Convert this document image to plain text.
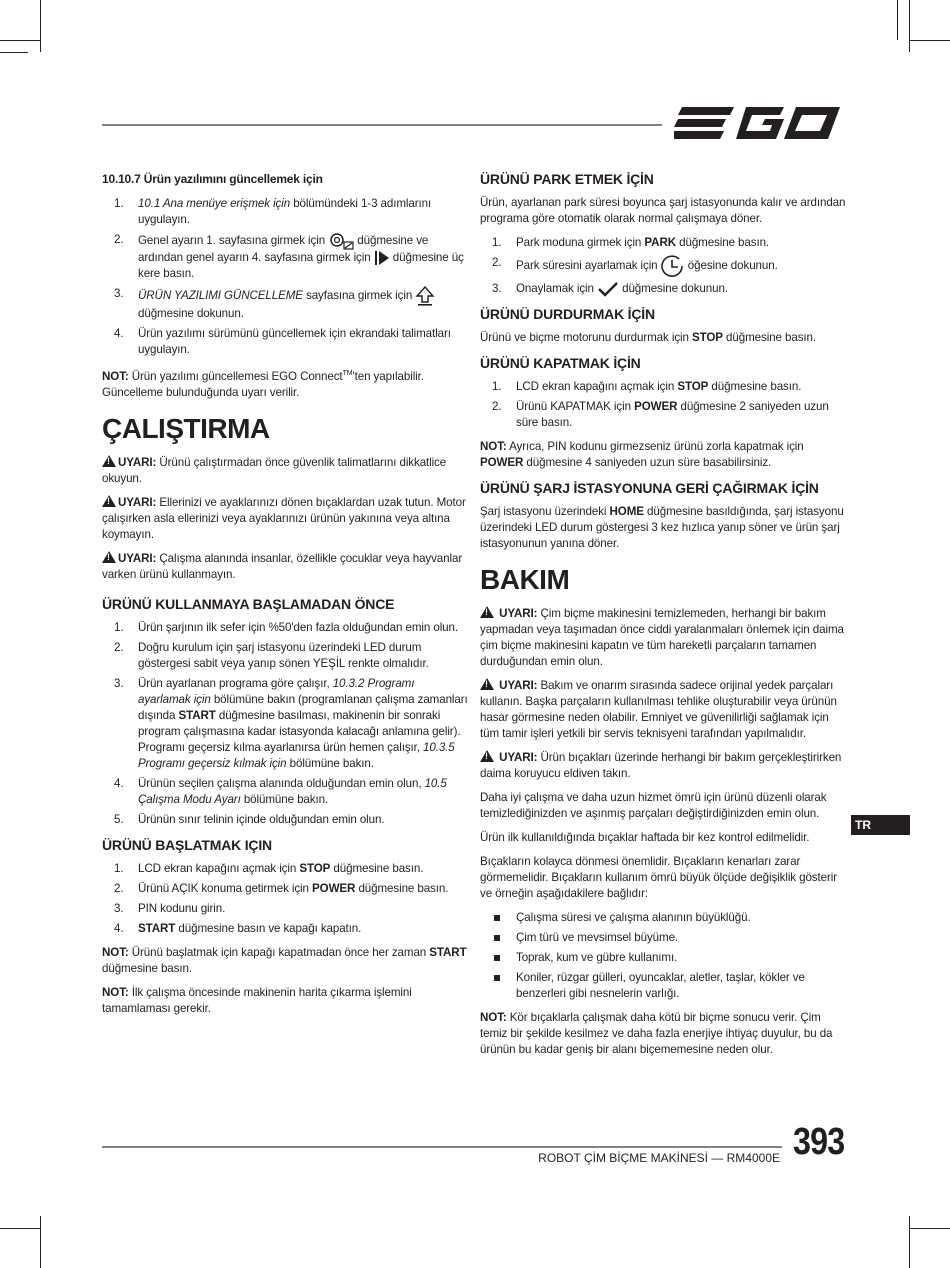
10.10.7 Ürün yazılımını güncellemek için
1. 10.1 Ana menüye erişmek için bölümündeki 1-3 adımlarını uygulayın.
2. Genel ayarın 1. sayfasına girmek için  düğmesine ve ardından genel ayarın 4. sayfasına girmek için  düğmesine üç kere basın.
3. ÜRÜN YAZILIMI GÜNCELLEME sayfasına girmek için  düğmesine dokunun.
4. Ürün yazılımı sürümünü güncellemek için ekrandaki talimatları uygulayın.

NOT: Ürün yazılımı güncellemesi EGO Connect™'ten yapılabilir. Güncelleme bulunduğunda uyarı verilir.

ÇALIŞTIRMA

!UYARI: Ürünü çalıştırmadan önce güvenlik talimatlarını dikkatlice okuyun.

!UYARI: Ellerinizi ve ayaklarınızı dönen bıçaklardan uzak tutun. Motor çalışırken asla ellerinizi veya ayaklarınızı ürünün yakınına veya altına koymayın.

!UYARI: Çalışma alanında insanlar, özellikle çocuklar veya hayvanlar varken ürünü kullanmayın.

ÜRÜNÜ KULLANMAYA BAŞLAMADAN ÖNCE
1. Ürün şarjının ilk sefer için %50'den fazla olduğundan emin olun.
2. Doğru kurulum için şarj istasyonu üzerindeki LED durum göstergesi sabit veya yanıp sönen YEŞİL renkte olmalıdır.
3. Ürün ayarlanan programa göre çalışır, 10.3.2 Programı ayarlamak için bölümüne bakın (programlanan çalışma zamanları dışında START düğmesine basılması, makinenin bir sonraki program çalışmasına kadar istasyonda kalacağı anlamına gelir). Programı geçersiz kılma ayarlanırsa ürün hemen çalışır, 10.3.5 Programı geçersiz kılmak için bölümüne bakın.
4. Ürünün seçilen çalışma alanında olduğundan emin olun, 10.5 Çalışma Modu Ayarı bölümüne bakın.
5. Ürünün sınır telinin içinde olduğundan emin olun.
ÜRÜNÜ BAŞLATMAK IÇIN
1. LCD ekran kapağını açmak için STOP düğmesine basın.
2. Ürünü AÇIK konuma getirmek için POWER düğmesine basın.
3. PIN kodunu girin.
4. START düğmesine basın ve kapağı kapatın.

NOT: Ürünü başlatmak için kapağı kapatmadan önce her zaman START düğmesine basın.

NOT: İlk çalışma öncesinde makinenin harita çıkarma işlemini tamamlaması gerekir.

ÜRÜNÜ PARK ETMEK İÇİN

Ürün, ayarlanan park süresi boyunca şarj istasyonunda kalır ve ardından programa göre otomatik olarak normal çalışmaya döner.

1. Park moduna girmek için PARK düğmesine basın.
2. Park süresini ayarlamak için  öğesine dokunun.
3. Onaylamak için  düğmesine dokunun.
ÜRÜNÜ DURDURMAK İÇİN

Ürünü ve biçme motorunu durdurmak için STOP düğmesine basın.

ÜRÜNÜ KAPATMAK İÇİN
1. LCD ekran kapağını açmak için STOP düğmesine basın.
2. Ürünü KAPATMAK için POWER düğmesine 2 saniyeden uzun süre basın.

NOT: Ayrıca, PIN kodunu girmezseniz ürünü zorla kapatmak için POWER düğmesine 4 saniyeden uzun süre basabilirsiniz.

ÜRÜNÜ ŞARJ İSTASYONUNA GERİ ÇAĞIRMAK İÇİN

Şarj istasyonu üzerindeki HOME düğmesine basıldığında, şarj istasyonu üzerindeki LED durum göstergesi 3 kez hızlıca yanıp söner ve ürün şarj istasyonunun yanına döner.

BAKIM

! UYARI: Çim biçme makinesini temizlemeden, herhangi bir bakım yapmadan veya taşımadan önce ciddi yaralanmaları önlemek için daima çim biçme makinesini kapatın ve tüm hareketli parçaların tamamen durduğundan emin olun.

! UYARI: Bakım ve onarım sırasında sadece orijinal yedek parçaları kullanın. Başka parçaların kullanılması tehlike oluşturabilir veya ürünün hasar görmesine neden olabilir. Emniyet ve güvenilirliği sağlamak için tüm tamir işleri yetkili bir servis teknisyeni tarafından yapılmalıdır.

! UYARI: Ürün bıçakları üzerinde herhangi bir bakım gerçekleştirirken daima koruyucu eldiven takın.

Daha iyi çalışma ve daha uzun hizmet ömrü için ürünü düzenli olarak temizlediğinizden ve aşınmış parçaları değiştirdiğinizden emin olun.

Ürün ilk kullanıldığında bıçaklar haftada bir kez kontrol edilmelidir.

Bıçakların kolayca dönmesi önemlidir. Bıçakların kenarları zarar görmemelidir. Bıçakların kullanım ömrü büyük ölçüde değişiklik gösterir ve örneğin aşağıdakilere bağlıdır:

Çalışma süresi ve çalışma alanının büyüklüğü.
Çim türü ve mevsimsel büyüme.
Toprak, kum ve gübre kullanımı.
Koniler, rüzgar gülleri, oyuncaklar, aletler, taşlar, kökler ve benzerleri gibi nesnelerin varlığı.

NOT: Kör bıçaklarla çalışmak daha kötü bir biçme sonucu verir. Çim temiz bir şekilde kesilmez ve daha fazla enerjiye ihtiyaç duyulur, bu da ürünün bu kadar geniş bir alanı biçememesine neden olur.

TR
ROBOT ÇİM BİÇME MAKİNESİ — RM4000E 393
